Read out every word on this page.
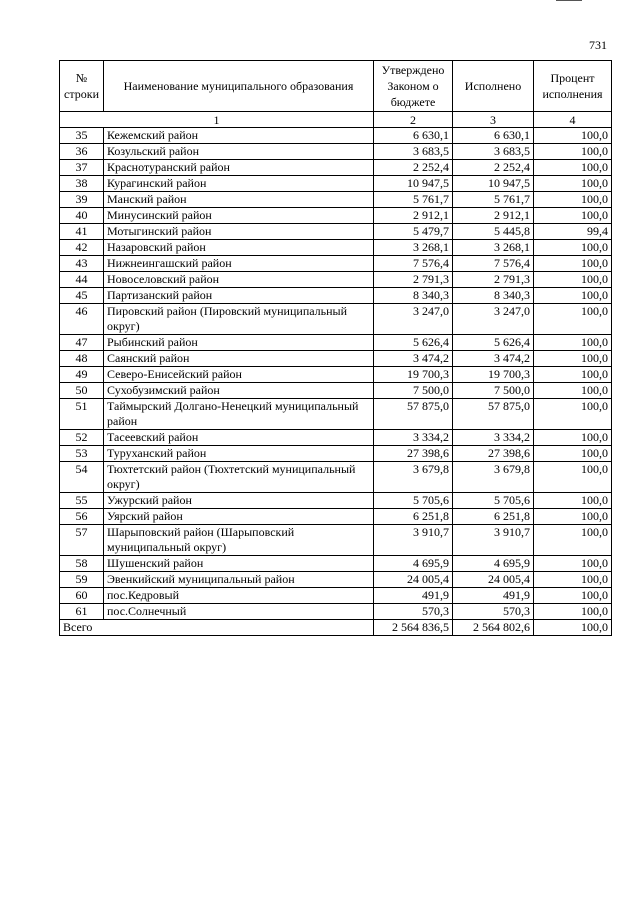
731
№ строки	Наименование муниципального образования	Утверждено Законом о бюджете	Исполнено	Процент исполнения
1		2	3	4
35	Кежемский район	6 630,1	6 630,1	100,0
36	Козульский район	3 683,5	3 683,5	100,0
37	Краснотуранский район	2 252,4	2 252,4	100,0
38	Курагинский район	10 947,5	10 947,5	100,0
39	Манский район	5 761,7	5 761,7	100,0
40	Минусинский район	2 912,1	2 912,1	100,0
41	Мотыгинский район	5 479,7	5 445,8	99,4
42	Назаровский район	3 268,1	3 268,1	100,0
43	Нижнеингашский район	7 576,4	7 576,4	100,0
44	Новоселовский район	2 791,3	2 791,3	100,0
45	Партизанский район	8 340,3	8 340,3	100,0
46	Пировский район (Пировский муниципальный округ)	3 247,0	3 247,0	100,0
47	Рыбинский район	5 626,4	5 626,4	100,0
48	Саянский район	3 474,2	3 474,2	100,0
49	Северо-Енисейский район	19 700,3	19 700,3	100,0
50	Сухобузимский район	7 500,0	7 500,0	100,0
51	Таймырский Долгано-Ненецкий муниципальный район	57 875,0	57 875,0	100,0
52	Тасеевский район	3 334,2	3 334,2	100,0
53	Туруханский район	27 398,6	27 398,6	100,0
54	Тюхтетский район (Тюхтетский муниципальный округ)	3 679,8	3 679,8	100,0
55	Ужурский район	5 705,6	5 705,6	100,0
56	Уярский район	6 251,8	6 251,8	100,0
57	Шарыповский район (Шарыповский муниципальный округ)	3 910,7	3 910,7	100,0
58	Шушенский район	4 695,9	4 695,9	100,0
59	Эвенкийский муниципальный район	24 005,4	24 005,4	100,0
60	пос.Кедровый	491,9	491,9	100,0
61	пос.Солнечный	570,3	570,3	100,0
Всего		2 564 836,5	2 564 802,6	100,0
